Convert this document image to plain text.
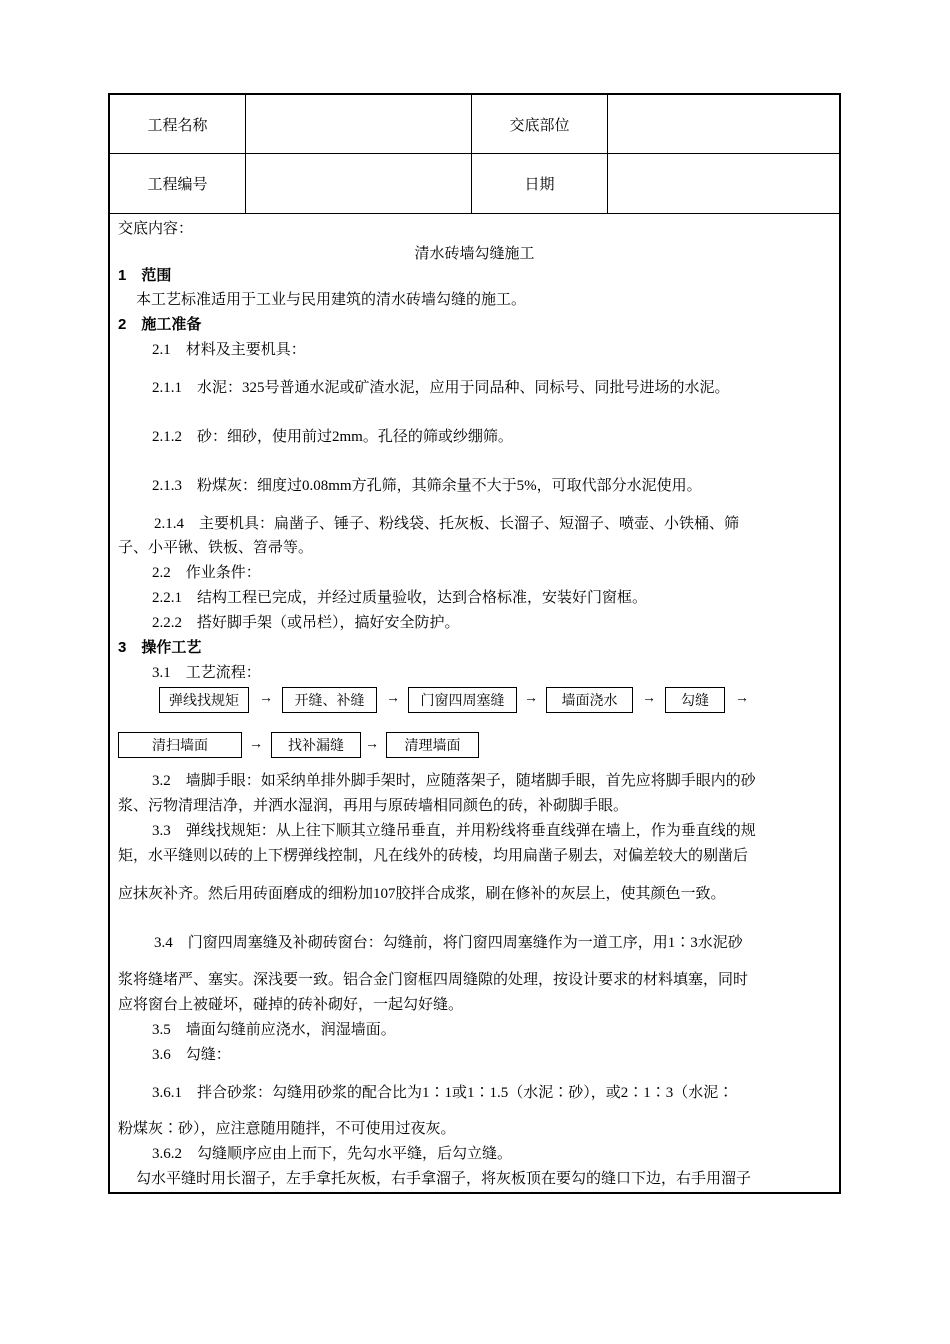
工程名称	交底部位
工程编号	日期
交底内容：
清水砖墙勾缝施工
1　范围
本工艺标准适用于工业与民用建筑的清水砖墙勾缝的施工。
2　施工准备
2.1　材料及主要机具：
2.1.1　水泥：325号普通水泥或矿渣水泥，应用于同品种、同标号、同批号进场的水泥。
2.1.2　砂：细砂，使用前过2mm。孔径的筛或纱绷筛。
2.1.3　粉煤灰：细度过0.08mm方孔筛，其筛余量不大于5%，可取代部分水泥使用。
2.1.4　主要机具：扁凿子、锤子、粉线袋、托灰板、长溜子、短溜子、喷壶、小铁桶、筛
子、小平锹、铁板、笤帚等。
2.2　作业条件：
2.2.1　结构工程已完成，并经过质量验收，达到合格标准，安装好门窗框。
2.2.2　搭好脚手架（或吊栏），搞好安全防护。
3　操作工艺
3.1　工艺流程：
弹线找规矩	→	开缝、补缝	→	门窗四周塞缝	→	墙面浇水	→	勾缝	→
清扫墙面	→	找补漏缝	→	清理墙面
3.2　墙脚手眼：如采纳单排外脚手架时，应随落架子，随堵脚手眼，首先应将脚手眼内的砂
浆、污物清理洁净，并洒水湿润，再用与原砖墙相同颜色的砖，补砌脚手眼。
3.3　弹线找规矩：从上往下顺其立缝吊垂直，并用粉线将垂直线弹在墙上，作为垂直线的规
矩，水平缝则以砖的上下楞弹线控制，凡在线外的砖棱，均用扁凿子剔去，对偏差较大的剔凿后
应抹灰补齐。然后用砖面磨成的细粉加107胶拌合成浆，刷在修补的灰层上，使其颜色一致。
3.4　门窗四周塞缝及补砌砖窗台：勾缝前，将门窗四周塞缝作为一道工序，用1∶3水泥砂
浆将缝堵严、塞实。深浅要一致。铝合金门窗框四周缝隙的处理，按设计要求的材料填塞，同时
应将窗台上被碰坏，碰掉的砖补砌好，一起勾好缝。
3.5　墙面勾缝前应浇水，润湿墙面。
3.6　勾缝：
3.6.1　拌合砂浆：勾缝用砂浆的配合比为1∶1或1∶1.5（水泥∶砂），或2∶1∶3（水泥∶
粉煤灰∶砂），应注意随用随拌，不可使用过夜灰。
3.6.2　勾缝顺序应由上而下，先勾水平缝，后勾立缝。
勾水平缝时用长溜子，左手拿托灰板，右手拿溜子，将灰板顶在要勾的缝口下边，右手用溜子
